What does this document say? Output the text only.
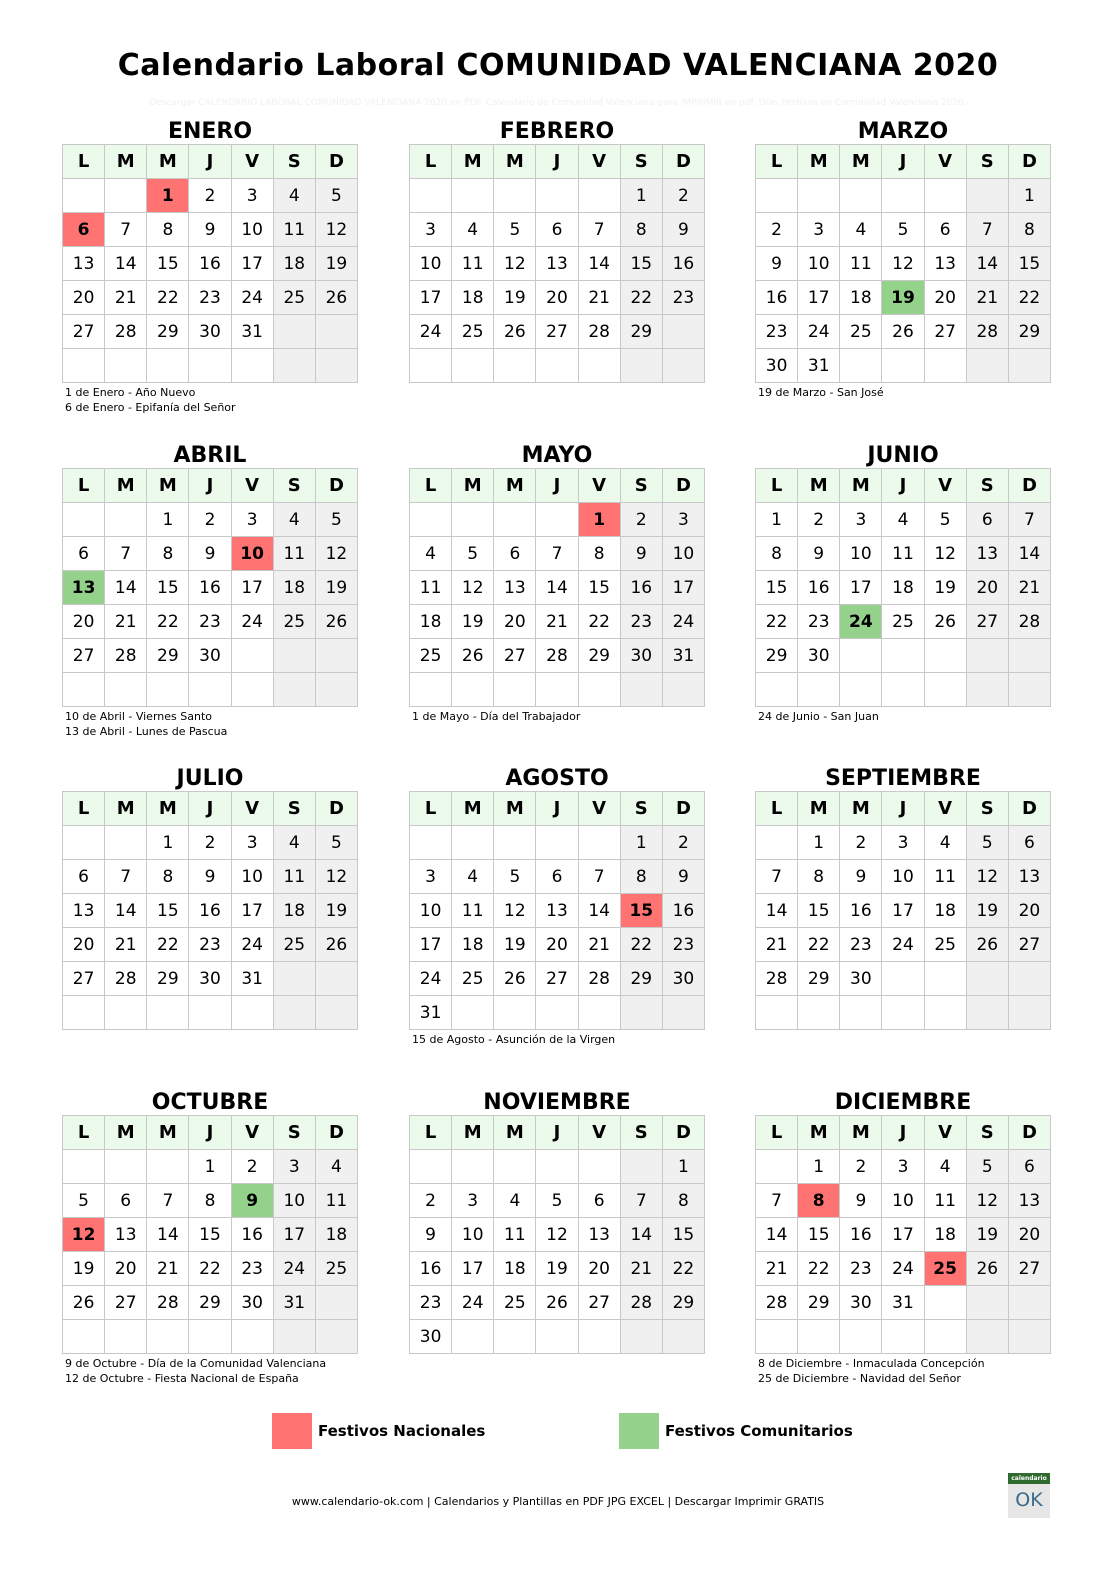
Calendario Laboral COMUNIDAD VALENCIANA 2020
Descargar CALENDARIO LABORAL COMUNIDAD VALENCIANA 2020 en PDF. Calendario de Comunidad Valenciana para IMPRIMIR en pdf. Días Festivos en Comunidad Valenciana 2020.
ENERO
L	M	M	J	V	S	D
		1	2	3	4	5
6	7	8	9	10	11	12
13	14	15	16	17	18	19
20	21	22	23	24	25	26
27	28	29	30	31		

1 de Enero - Año Nuevo
6 de Enero - Epifanía del Señor
FEBRERO
L	M	M	J	V	S	D
					1	2
3	4	5	6	7	8	9
10	11	12	13	14	15	16
17	18	19	20	21	22	23
24	25	26	27	28	29	

MARZO
L	M	M	J	V	S	D
						1
2	3	4	5	6	7	8
9	10	11	12	13	14	15
16	17	18	19	20	21	22
23	24	25	26	27	28	29
30	31					
19 de Marzo - San José
ABRIL
L	M	M	J	V	S	D
		1	2	3	4	5
6	7	8	9	10	11	12
13	14	15	16	17	18	19
20	21	22	23	24	25	26
27	28	29	30			

10 de Abril - Viernes Santo
13 de Abril - Lunes de Pascua
MAYO
L	M	M	J	V	S	D
				1	2	3
4	5	6	7	8	9	10
11	12	13	14	15	16	17
18	19	20	21	22	23	24
25	26	27	28	29	30	31

1 de Mayo - Día del Trabajador
JUNIO
L	M	M	J	V	S	D
1	2	3	4	5	6	7
8	9	10	11	12	13	14
15	16	17	18	19	20	21
22	23	24	25	26	27	28
29	30					

24 de Junio - San Juan
JULIO
L	M	M	J	V	S	D
		1	2	3	4	5
6	7	8	9	10	11	12
13	14	15	16	17	18	19
20	21	22	23	24	25	26
27	28	29	30	31		

AGOSTO
L	M	M	J	V	S	D
					1	2
3	4	5	6	7	8	9
10	11	12	13	14	15	16
17	18	19	20	21	22	23
24	25	26	27	28	29	30
31						
15 de Agosto - Asunción de la Virgen
SEPTIEMBRE
L	M	M	J	V	S	D
	1	2	3	4	5	6
7	8	9	10	11	12	13
14	15	16	17	18	19	20
21	22	23	24	25	26	27
28	29	30				

OCTUBRE
L	M	M	J	V	S	D
			1	2	3	4
5	6	7	8	9	10	11
12	13	14	15	16	17	18
19	20	21	22	23	24	25
26	27	28	29	30	31	

9 de Octubre - Día de la Comunidad Valenciana
12 de Octubre - Fiesta Nacional de España
NOVIEMBRE
L	M	M	J	V	S	D
						1
2	3	4	5	6	7	8
9	10	11	12	13	14	15
16	17	18	19	20	21	22
23	24	25	26	27	28	29
30						
DICIEMBRE
L	M	M	J	V	S	D
	1	2	3	4	5	6
7	8	9	10	11	12	13
14	15	16	17	18	19	20
21	22	23	24	25	26	27
28	29	30	31			

8 de Diciembre - Inmaculada Concepción
25 de Diciembre - Navidad del Señor
Festivos Nacionales	Festivos Comunitarios
www.calendario-ok.com | Calendarios y Plantillas en PDF JPG EXCEL | Descargar Imprimir GRATIS
calendario
OK
